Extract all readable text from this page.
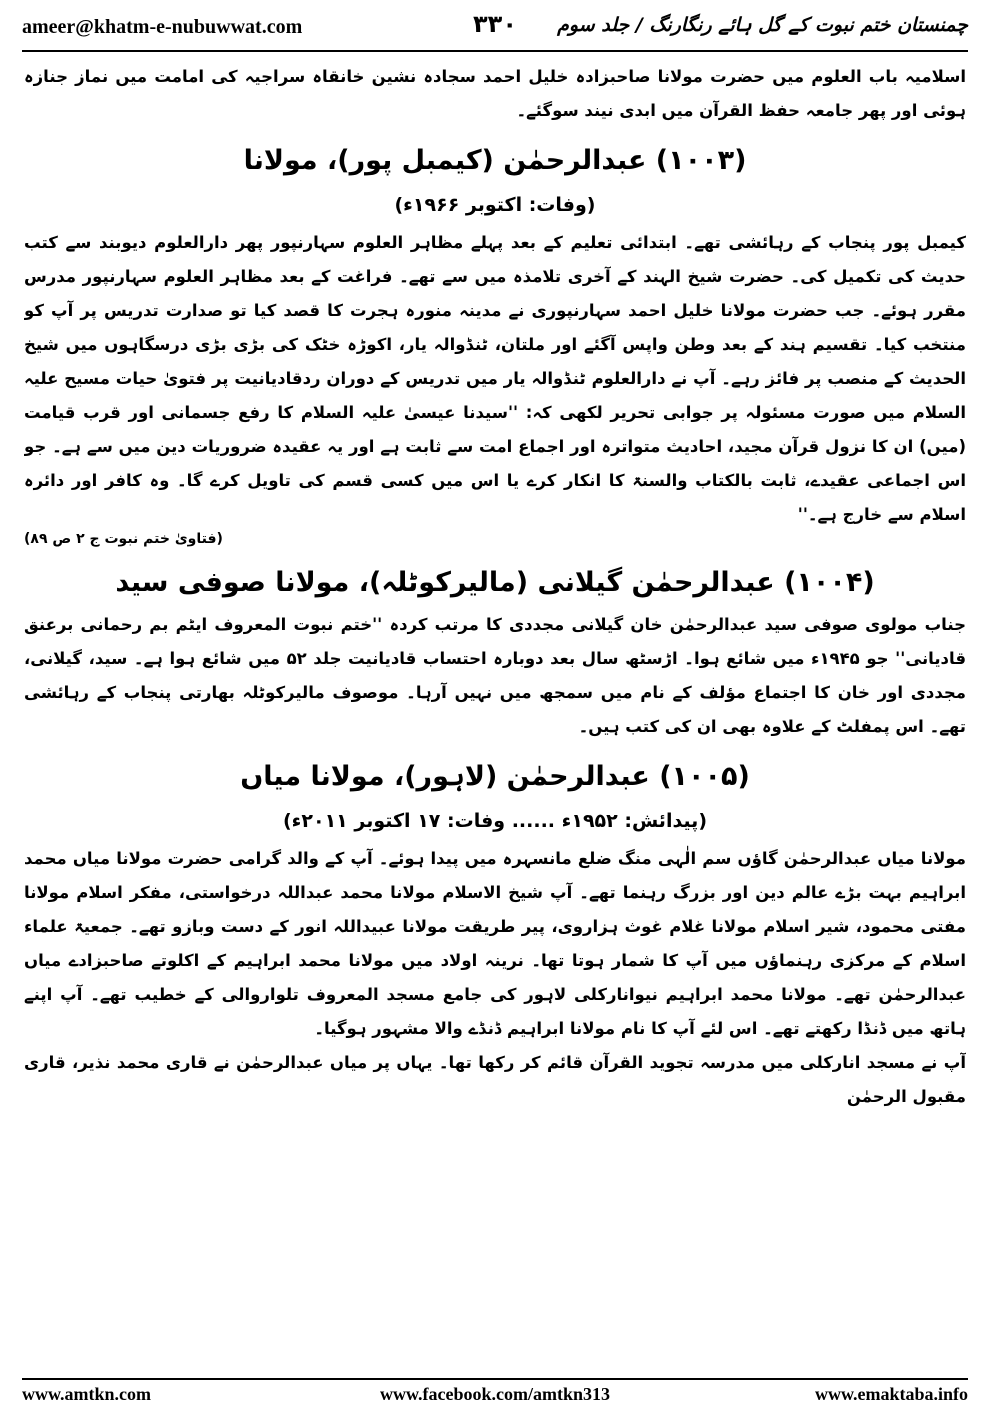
ameer@khatm-e-nubuwwat.com	۳۳۰	چمنستان ختم نبوت کے گل ہائے رنگارنگ / جلد سوم

اسلامیہ باب العلوم میں حضرت مولانا صاحبزادہ خلیل احمد سجادہ نشین خانقاہ سراجیہ کی امامت میں نماز جنازہ ہوئی اور پھر جامعہ حفظ القرآن میں ابدی نیند سوگئے۔

(۱۰۰۳) عبدالرحمٰن (کیمبل پور)، مولانا
(وفات: اکتوبر ۱۹۶۶ء)

کیمبل پور پنجاب کے رہائشی تھے۔ ابتدائی تعلیم کے بعد پہلے مظاہر العلوم سہارنپور پھر دارالعلوم دیوبند سے کتب حدیث کی تکمیل کی۔ حضرت شیخ الہند کے آخری تلامذہ میں سے تھے۔ فراغت کے بعد مظاہر العلوم سہارنپور مدرس مقرر ہوئے۔ جب حضرت مولانا خلیل احمد سہارنپوری نے مدینہ منورہ ہجرت کا قصد کیا تو صدارت تدریس پر آپ کو منتخب کیا۔ تقسیم ہند کے بعد وطن واپس آگئے اور ملتان، ٹنڈوالہ یار، اکوڑہ خٹک کی بڑی بڑی درسگاہوں میں شیخ الحدیث کے منصب پر فائز رہے۔ آپ نے دارالعلوم ٹنڈوالہ یار میں تدریس کے دوران ردقادیانیت پر فتویٰ حیات مسیح علیہ السلام میں صورت مسئولہ پر جوابی تحریر لکھی کہ: ''سیدنا عیسیٰ علیہ السلام کا رفع جسمانی اور قرب قیامت (میں) ان کا نزول قرآن مجید، احادیث متواترہ اور اجماع امت سے ثابت ہے اور یہ عقیدہ ضروریات دین میں سے ہے۔ جو اس اجماعی عقیدے، ثابت بالکتاب والسنۃ کا انکار کرے یا اس میں کسی قسم کی تاویل کرے گا۔ وہ کافر اور دائرہ اسلام سے خارج ہے۔''

(فتاویٰ ختم نبوت ج ۲ ص ۸۹)
(۱۰۰۴) عبدالرحمٰن گیلانی (مالیرکوٹلہ)، مولانا صوفی سید

جناب مولوی صوفی سید عبدالرحمٰن خان گیلانی مجددی کا مرتب کردہ ''ختم نبوت المعروف ایٹم بم رحمانی برعنق قادیانی'' جو ۱۹۴۵ء میں شائع ہوا۔ اڑسٹھ سال بعد دوبارہ احتساب قادیانیت جلد ۵۲ میں شائع ہوا ہے۔ سید، گیلانی، مجددی اور خان کا اجتماع مؤلف کے نام میں سمجھ میں نہیں آرہا۔ موصوف مالیرکوٹلہ بھارتی پنجاب کے رہائشی تھے۔ اس پمفلٹ کے علاوہ بھی ان کی کتب ہیں۔

(۱۰۰۵) عبدالرحمٰن (لاہور)، مولانا میاں
(پیدائش: ۱۹۵۲ء ...... وفات: ۱۷ اکتوبر ۲۰۱۱ء)

مولانا میاں عبدالرحمٰن گاؤں سم الٰہی منگ ضلع مانسہرہ میں پیدا ہوئے۔ آپ کے والد گرامی حضرت مولانا میاں محمد ابراہیم بہت بڑے عالم دین اور بزرگ رہنما تھے۔ آپ شیخ الاسلام مولانا محمد عبداللہ درخواستی، مفکر اسلام مولانا مفتی محمود، شیر اسلام مولانا غلام غوث ہزاروی، پیر طریقت مولانا عبیداللہ انور کے دست وبازو تھے۔ جمعیۃ علماء اسلام کے مرکزی رہنماؤں میں آپ کا شمار ہوتا تھا۔ نرینہ اولاد میں مولانا محمد ابراہیم کے اکلوتے صاحبزادے میاں عبدالرحمٰن تھے۔ مولانا محمد ابراہیم نیوانارکلی لاہور کی جامع مسجد المعروف تلواروالی کے خطیب تھے۔ آپ اپنے ہاتھ میں ڈنڈا رکھتے تھے۔ اس لئے آپ کا نام مولانا ابراہیم ڈنڈے والا مشہور ہوگیا۔

آپ نے مسجد انارکلی میں مدرسہ تجوید القرآن قائم کر رکھا تھا۔ یہاں پر میاں عبدالرحمٰن نے قاری محمد نذیر، قاری مقبول الرحمٰن

www.amtkn.com	www.facebook.com/amtkn313	www.emaktaba.info
